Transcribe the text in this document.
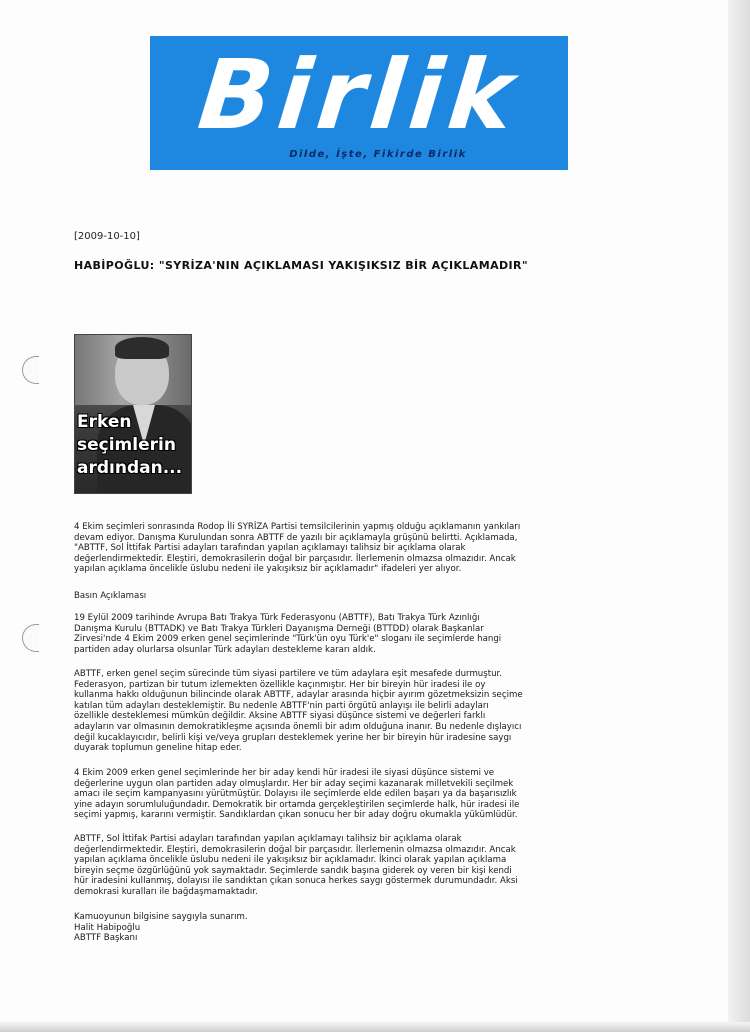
Birlik
Dilde, İşte, Fikirde Birlik
[2009-10-10]
HABİPOĞLU: "SYRİZA'NIN AÇIKLAMASI YAKIŞIKSIZ BİR AÇIKLAMADIR"
Erken
seçimlerin
ardından...
4 Ekim seçimleri sonrasında Rodop İli SYRİZA Partisi temsilcilerinin yapmış olduğu açıklamanın yankıları
devam ediyor. Danışma Kurulundan sonra ABTTF de yazılı bir açıklamayla grüşünü belirtti. Açıklamada,
"ABTTF, Sol İttifak Partisi adayları tarafından yapılan açıklamayı talihsiz bir açıklama olarak
değerlendirmektedir. Eleştiri, demokrasilerin doğal bir parçasıdır. İlerlemenin olmazsa olmazıdır. Ancak
yapılan açıklama öncelikle üslubu nedeni ile yakışıksız bir açıklamadır" ifadeleri yer alıyor.
Basın Açıklaması
19 Eylül 2009 tarihinde Avrupa Batı Trakya Türk Federasyonu (ABTTF), Batı Trakya Türk Azınlığı
Danışma Kurulu (BTTADK) ve Batı Trakya Türkleri Dayanışma Derneği (BTTDD) olarak Başkanlar
Zirvesi'nde 4 Ekim 2009 erken genel seçimlerinde "Türk'ün oyu Türk'e" sloganı ile seçimlerde hangi
partiden aday olurlarsa olsunlar Türk adayları destekleme kararı aldık.
ABTTF, erken genel seçim sürecinde tüm siyasi partilere ve tüm adaylara eşit mesafede durmuştur.
Federasyon, partizan bir tutum izlemekten özellikle kaçınmıştır. Her bir bireyin hür iradesi ile oy
kullanma hakkı olduğunun bilincinde olarak ABTTF, adaylar arasında hiçbir ayırım gözetmeksizin seçime
katılan tüm adayları desteklemiştir. Bu nedenle ABTTF'nin parti örgütü anlayışı ile belirli adayları
özellikle desteklemesi mümkün değildir. Aksine ABTTF siyasi düşünce sistemi ve değerleri farklı
adayların var olmasının demokratikleşme açısında önemli bir adım olduğuna inanır. Bu nedenle dışlayıcı
değil kucaklayıcıdır, belirli kişi ve/veya grupları desteklemek yerine her bir bireyin hür iradesine saygı
duyarak toplumun geneline hitap eder.
4 Ekim 2009 erken genel seçimlerinde her bir aday kendi hür iradesi ile siyasi düşünce sistemi ve
değerlerine uygun olan partiden aday olmuşlardır. Her bir aday seçimi kazanarak milletvekili seçilmek
amacı ile seçim kampanyasını yürütmüştür. Dolayısı ile seçimlerde elde edilen başarı ya da başarısızlık
yine adayın sorumluluğundadır. Demokratik bir ortamda gerçekleştirilen seçimlerde halk, hür iradesi ile
seçimi yapmış, kararını vermiştir. Sandıklardan çıkan sonucu her bir aday doğru okumakla yükümlüdür.
ABTTF, Sol İttifak Partisi adayları tarafından yapılan açıklamayı talihsiz bir açıklama olarak
değerlendirmektedir. Eleştiri, demokrasilerin doğal bir parçasıdır. İlerlemenin olmazsa olmazıdır. Ancak
yapılan açıklama öncelikle üslubu nedeni ile yakışıksız bir açıklamadır. İkinci olarak yapılan açıklama
bireyin seçme özgürlüğünü yok saymaktadır. Seçimlerde sandık başına giderek oy veren bir kişi kendi
hür iradesini kullanmış, dolayısı ile sandıktan çıkan sonuca herkes saygı göstermek durumundadır. Aksi
demokrasi kuralları ile bağdaşmamaktadır.
Kamuoyunun bilgisine saygıyla sunarım.
Halit Habipoğlu
ABTTF Başkanı
